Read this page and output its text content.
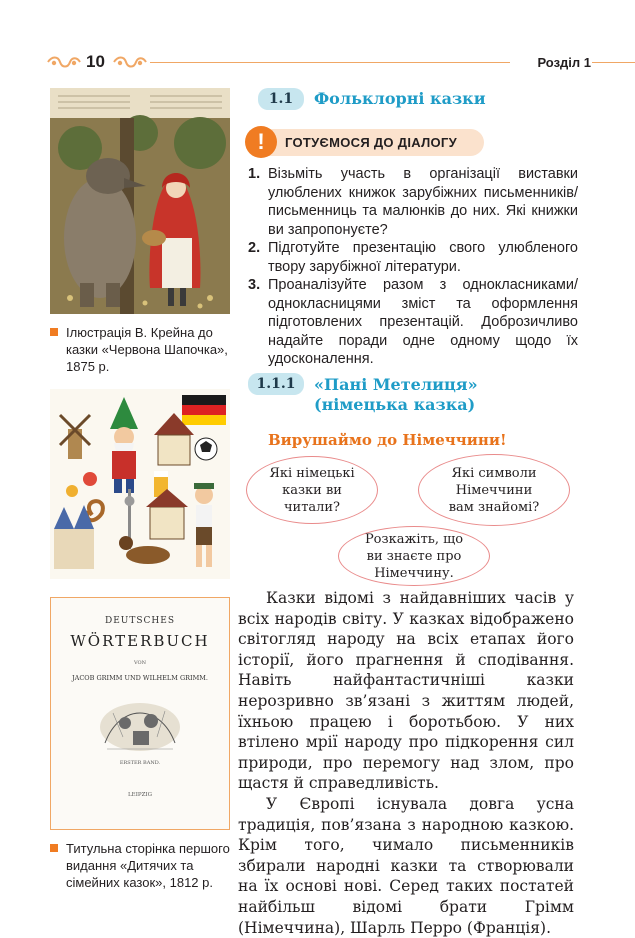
10	Розділ 1
Ілюстрація В. Крейна до казки «Червона Шапочка», 1875 р.
DEUTSCHES
WÖRTERBUCH
VON
JACOB GRIMM UND WILHELM GRIMM.
ERSTER BAND.
LEIPZIG
Титульна сторінка першого видання «Дитячих та сімейних казок», 1812 р.
1.1	Фольклорні казки
!	ГОТУЄМОСЯ ДО ДІАЛОГУ
1. Візьміть участь в організації виставки улюблених книжок зарубіжних письменників/письменниць та малюнків до них. Які книжки ви запропонуєте?
2. Підготуйте презентацію свого улюбленого твору зарубіжної літератури.
3. Проаналізуйте разом з однокласниками/однокласницями зміст та оформлення підготовлених презентацій. Доброзичливо надайте поради одне одному щодо їх удосконалення.
1.1.1	«Пані Метелиця»
(німецька казка)
Вирушаймо до Німеччини!
Які німецькі казки ви читали?
Які символи Німеччини вам знайомі?
Розкажіть, що ви знаєте про Німеччину.

Казки відомі з найдавніших часів у всіх народів світу. У казках відображено світогляд народу на всіх етапах його історії, його прагнення й сподівання. Навіть найфантастичніші казки нерозривно зв’язані з життям людей, їхньою працею і боротьбою. У них втілено мрії народу про підкорення сил природи, про перемогу над злом, про щастя й справедливість.

У Європі існувала довга усна традиція, пов’язана з народною казкою. Крім того, чимало письменників збирали народні казки та створювали на їх основі нові. Серед таких постатей найбільш відомі брати Грімм (Німеччина), Шарль Перро (Франція).
